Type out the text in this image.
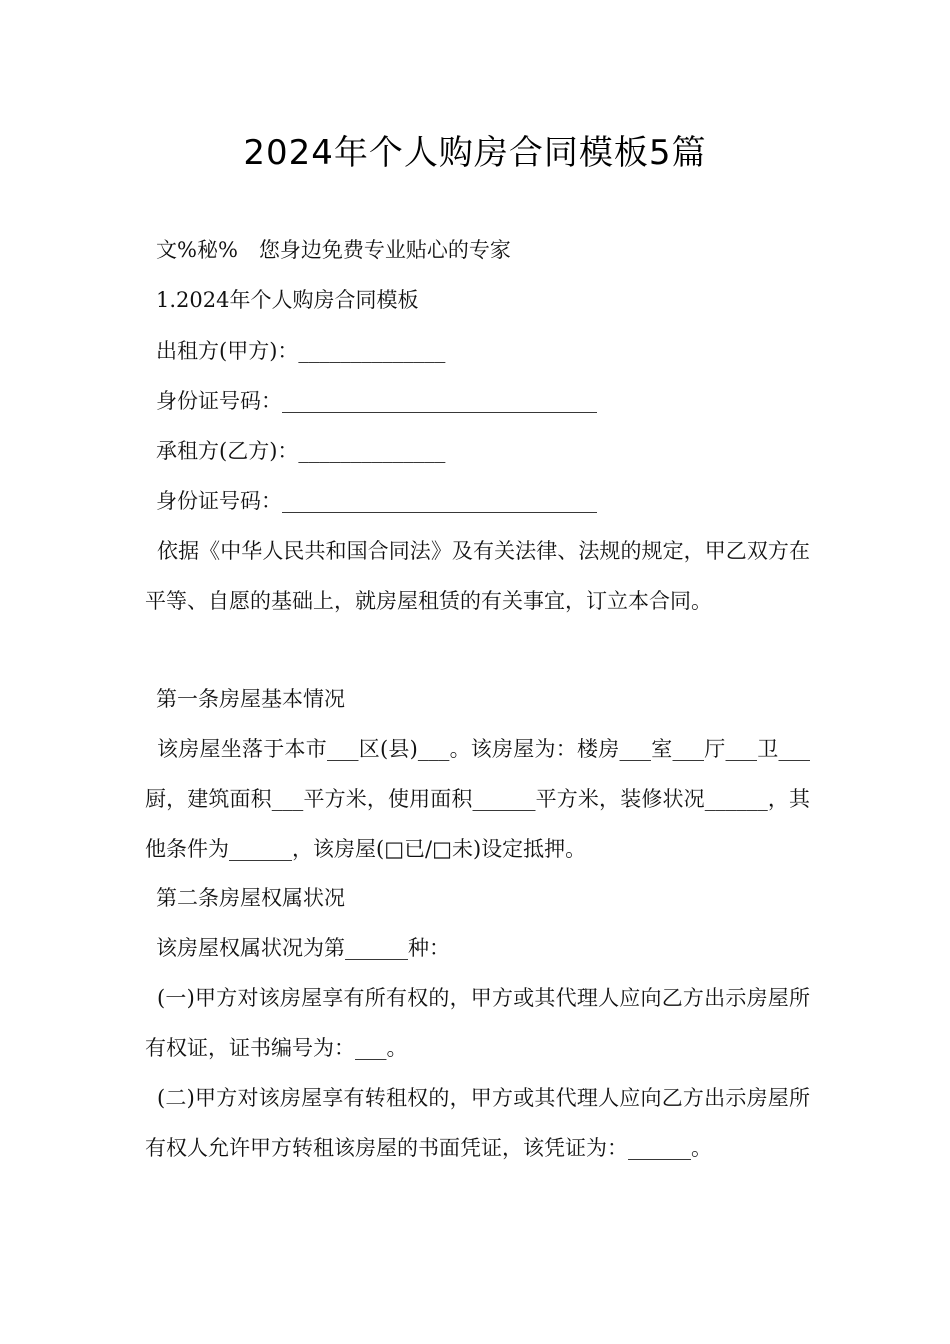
2024年个人购房合同模板5篇
文%秘%　您身边免费专业贴心的专家
1.2024年个人购房合同模板
出租方(甲方)：______________
身份证号码：______________________________
承租方(乙方)：______________
身份证号码：______________________________
依据《中华人民共和国合同法》及有关法律、法规的规定，甲乙双方在平等、自愿的基础上，就房屋租赁的有关事宜，订立本合同。
第一条房屋基本情况
该房屋坐落于本市___区(县)___。该房屋为：楼房___室___厅___卫___厨，建筑面积___平方米，使用面积______平方米，装修状况______，其他条件为______，该房屋(□已/□未)设定抵押。
第二条房屋权属状况
该房屋权属状况为第______种：
(一)甲方对该房屋享有所有权的，甲方或其代理人应向乙方出示房屋所有权证，证书编号为：___。
(二)甲方对该房屋享有转租权的，甲方或其代理人应向乙方出示房屋所有权人允许甲方转租该房屋的书面凭证，该凭证为：______。
